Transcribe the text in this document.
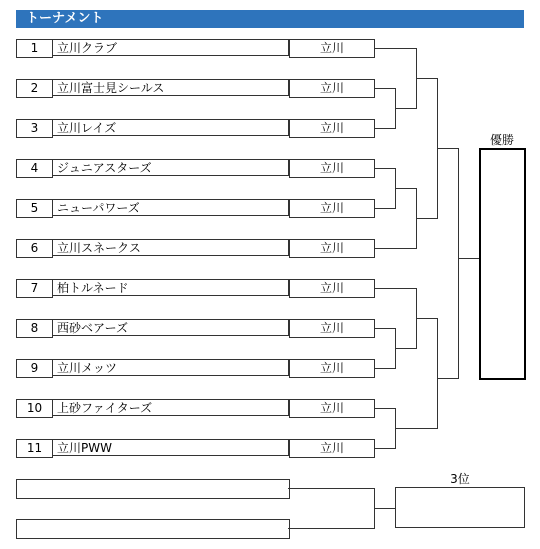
トーナメント
1	立川クラブ	立川
2	立川富士見シールス	立川
3	立川レイズ	立川
4	ジュニアスターズ	立川
5	ニューパワーズ	立川
6	立川スネークス	立川
7	柏トルネード	立川
8	西砂ベアーズ	立川
9	立川メッツ	立川
10	上砂ファイターズ	立川
11	立川PWW	立川
優勝
3位
